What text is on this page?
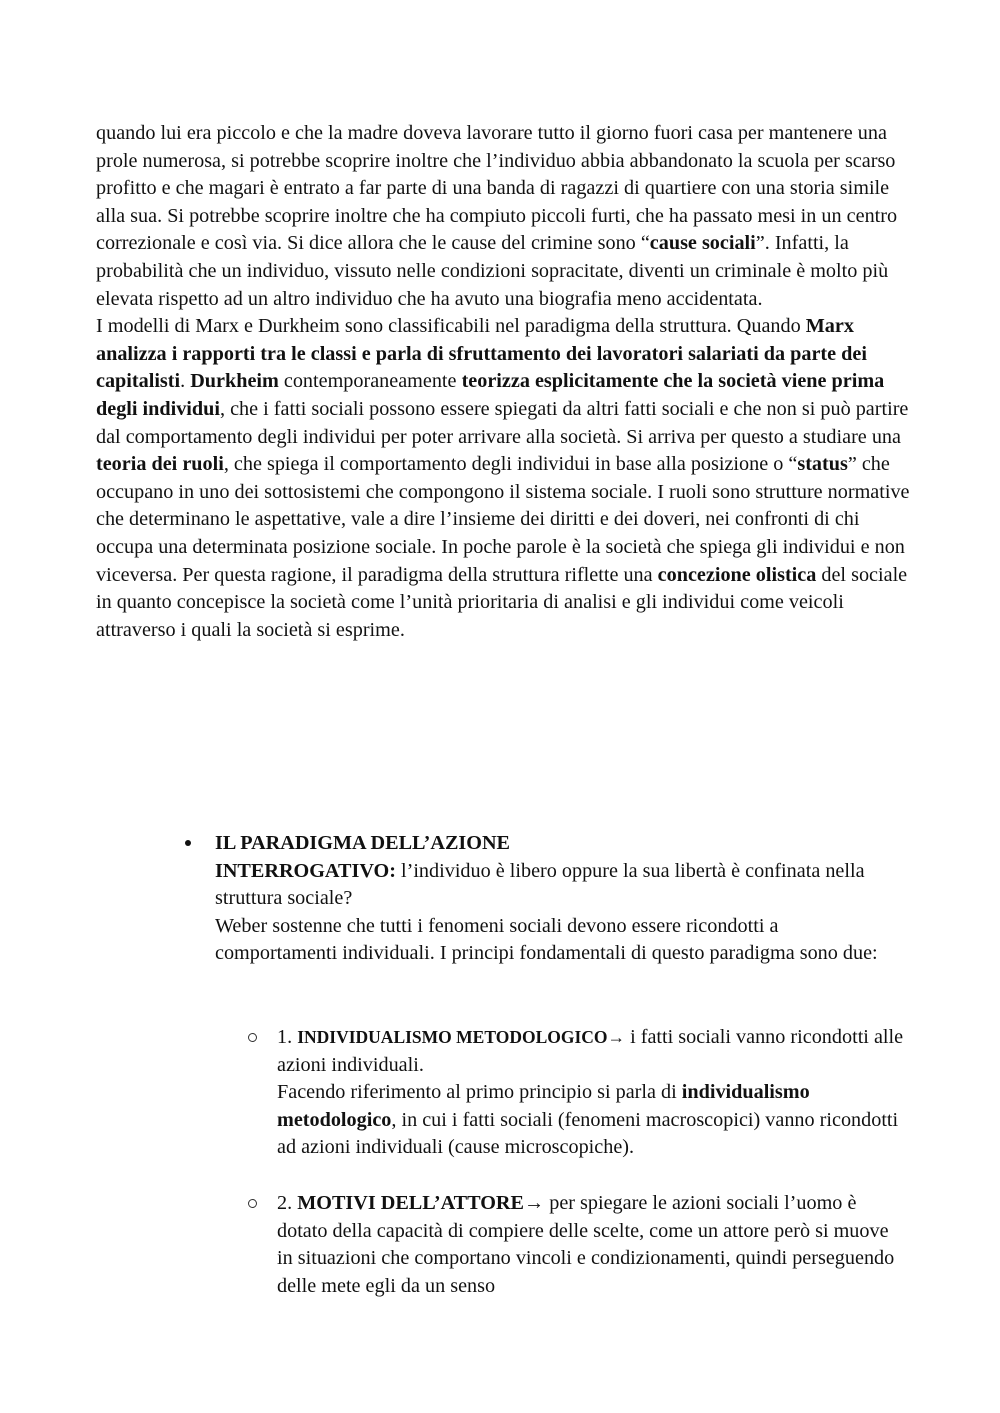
quando lui era piccolo e che la madre doveva lavorare tutto il giorno fuori casa per mantenere una prole numerosa, si potrebbe scoprire inoltre che l’individuo abbia abbandonato la scuola per scarso profitto e che magari è entrato a far parte di una banda di ragazzi di quartiere con una storia simile alla sua. Si potrebbe scoprire inoltre che ha compiuto piccoli furti, che ha passato mesi in un centro correzionale e così via. Si dice allora che le cause del crimine sono “cause sociali”. Infatti, la probabilità che un individuo, vissuto nelle condizioni sopracitate, diventi un criminale è molto più elevata rispetto ad un altro individuo che ha avuto una biografia meno accidentata.

I modelli di Marx e Durkheim sono classificabili nel paradigma della struttura. Quando Marx analizza i rapporti tra le classi e parla di sfruttamento dei lavoratori salariati da parte dei capitalisti. Durkheim contemporaneamente teorizza esplicitamente che la società viene prima degli individui, che i fatti sociali possono essere spiegati da altri fatti sociali e che non si può partire dal comportamento degli individui per poter arrivare alla società. Si arriva per questo a studiare una teoria dei ruoli, che spiega il comportamento degli individui in base alla posizione o “status” che occupano in uno dei sottosistemi che compongono il sistema sociale. I ruoli sono strutture normative che determinano le aspettative, vale a dire l’insieme dei diritti e dei doveri, nei confronti di chi occupa una determinata posizione sociale. In poche parole è la società che spiega gli individui e non viceversa. Per questa ragione, il paradigma della struttura riflette una concezione olistica del sociale in quanto concepisce la società come l’unità prioritaria di analisi e gli individui come veicoli attraverso i quali la società si esprime.

IL PARADIGMA DELL’AZIONE

INTERROGATIVO: l’individuo è libero oppure la sua libertà è confinata nella struttura sociale?

Weber sostenne che tutti i fenomeni sociali devono essere ricondotti a comportamenti individuali. I principi fondamentali di questo paradigma sono due:

1. INDIVIDUALISMO METODOLOGICO→ i fatti sociali vanno ricondotti alle azioni individuali.

Facendo riferimento al primo principio si parla di individualismo metodologico, in cui i fatti sociali (fenomeni macroscopici) vanno ricondotti ad azioni individuali (cause microscopiche).

2. MOTIVI DELL’ATTORE→ per spiegare le azioni sociali l’uomo è dotato della capacità di compiere delle scelte, come un attore però si muove in situazioni che comportano vincoli e condizionamenti, quindi perseguendo delle mete egli da un senso
